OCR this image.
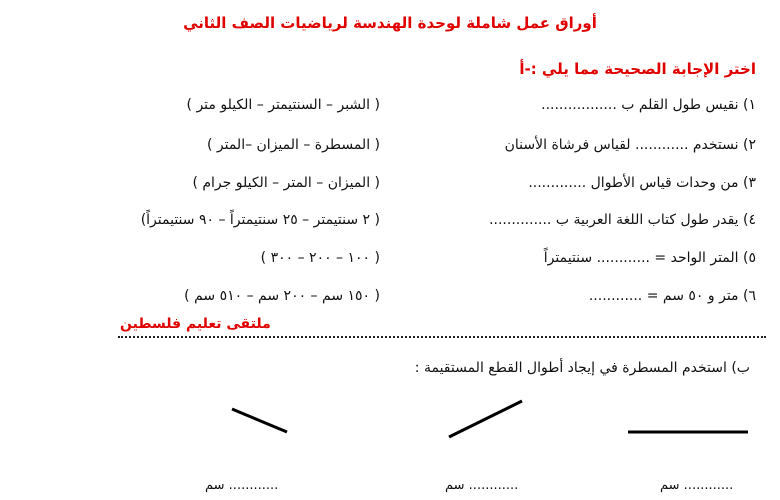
أوراق عمل شاملة لوحدة الهندسة لرياضيات الصف الثاني
اختر الإجابة الصحيحة مما يلي :-أ
١) نقيس طول القلم ب .................
( الشبر – السنتيمتر – الكيلو متر )
٢) نستخدم ............ لقياس فرشاة الأسنان
( المسطرة – الميزان –المتر )
٣) من وحدات قياس الأطوال .............
( الميزان – المتر – الكيلو جرام )
٤) يقدر طول كتاب اللغة العربية ب ..............
( ٢ سنتيمتر – ٢٥ سنتيمتراً – ٩٠ سنتيمتراً)
٥) المتر الواحد = ............ سنتيمتراً
( ١٠٠ – ٢٠٠ – ٣٠٠ )
٦) متر و ٥٠ سم = ............
( ١٥٠ سم – ٢٠٠ سم – ٥١٠ سم )
ملتقى تعليم فلسطين
ب) استخدم المسطرة في إيجاد أطوال القطع المستقيمة :
............ سم	............ سم	............ سم
